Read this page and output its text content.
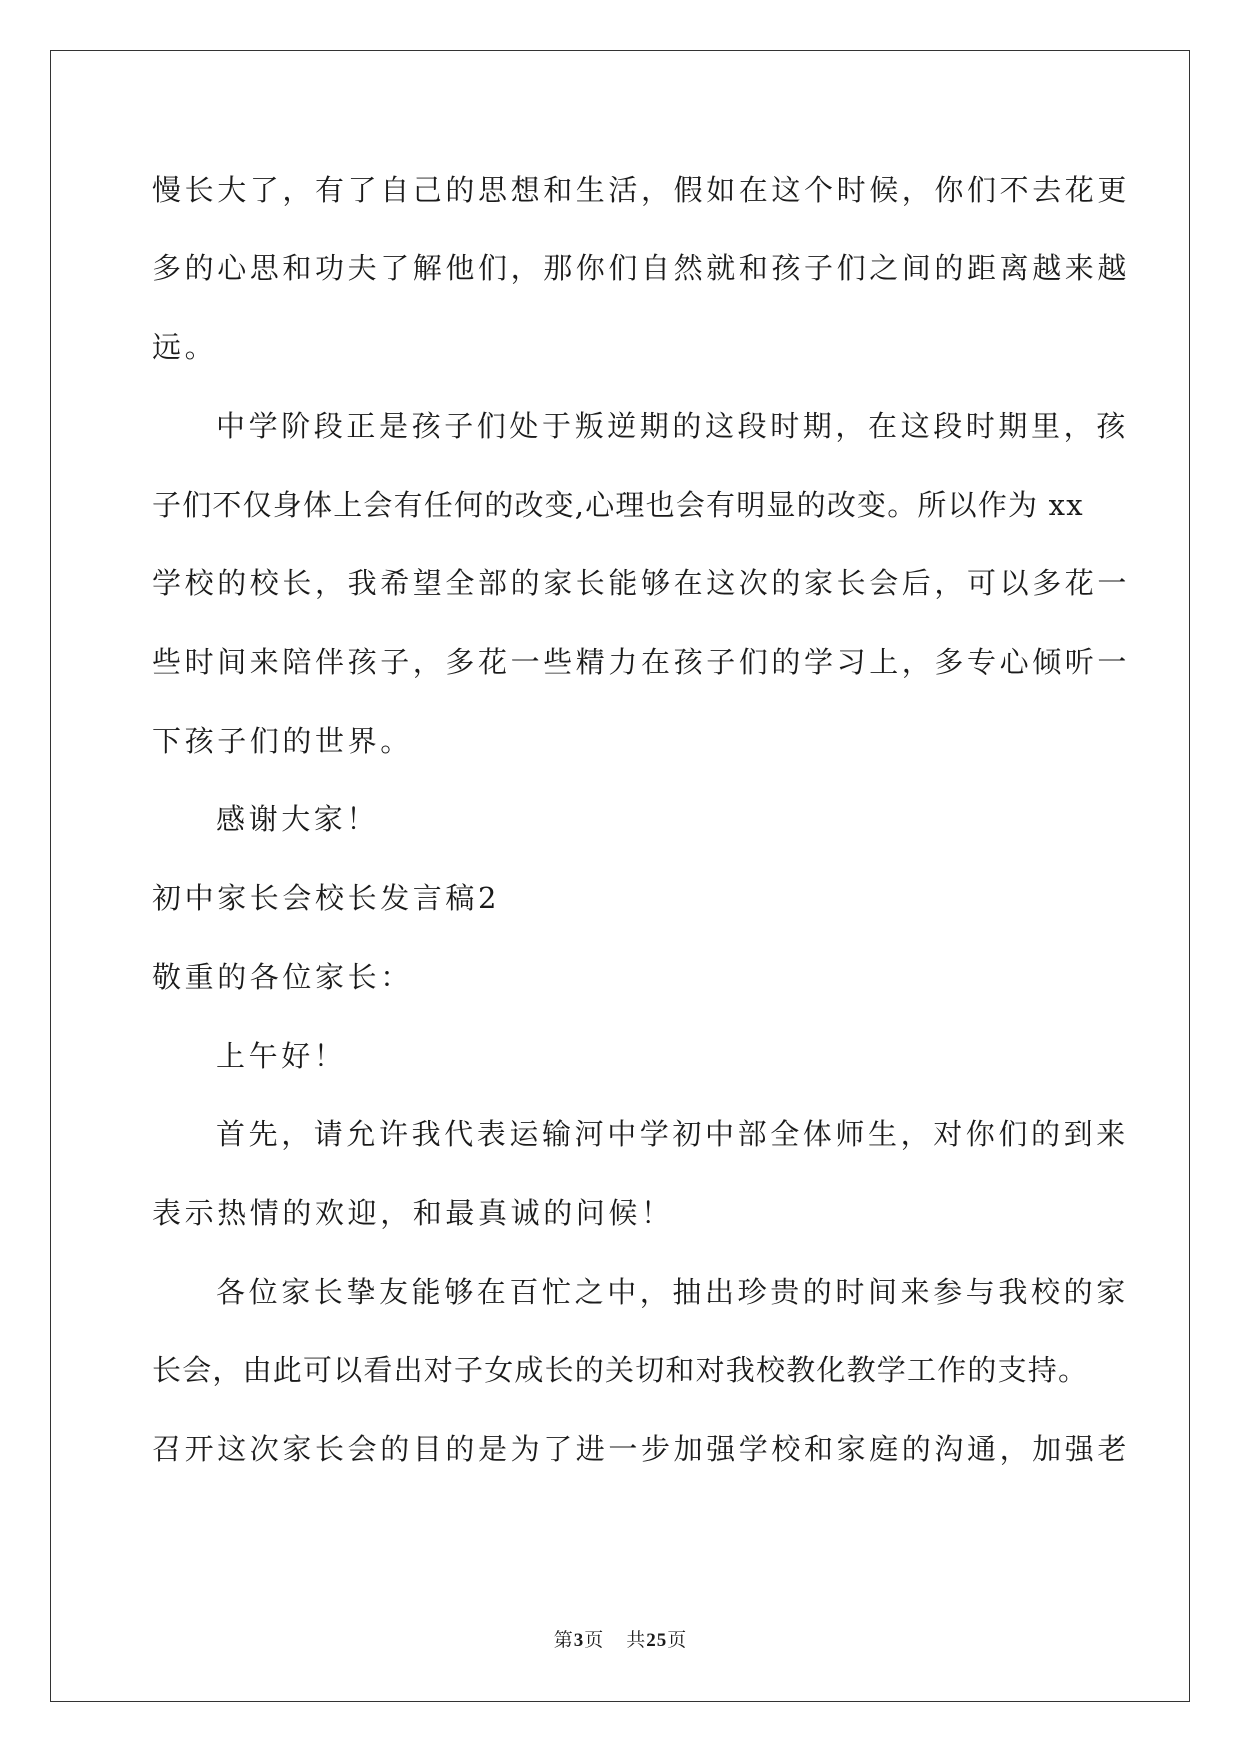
慢长大了，有了自己的思想和生活，假如在这个时候，你们不去花更
多的心思和功夫了解他们，那你们自然就和孩子们之间的距离越来越
远。
中学阶段正是孩子们处于叛逆期的这段时期，在这段时期里，孩
子们不仅身体上会有任何的改变,心理也会有明显的改变。所以作为 xx
学校的校长，我希望全部的家长能够在这次的家长会后，可以多花一
些时间来陪伴孩子，多花一些精力在孩子们的学习上，多专心倾听一
下孩子们的世界。
感谢大家！
初中家长会校长发言稿2
敬重的各位家长：
上午好！
首先，请允许我代表运输河中学初中部全体师生，对你们的到来
表示热情的欢迎，和最真诚的问候！
各位家长挚友能够在百忙之中，抽出珍贵的时间来参与我校的家
长会，由此可以看出对子女成长的关切和对我校教化教学工作的支持。
召开这次家长会的目的是为了进一步加强学校和家庭的沟通，加强老
第3页 共25页
